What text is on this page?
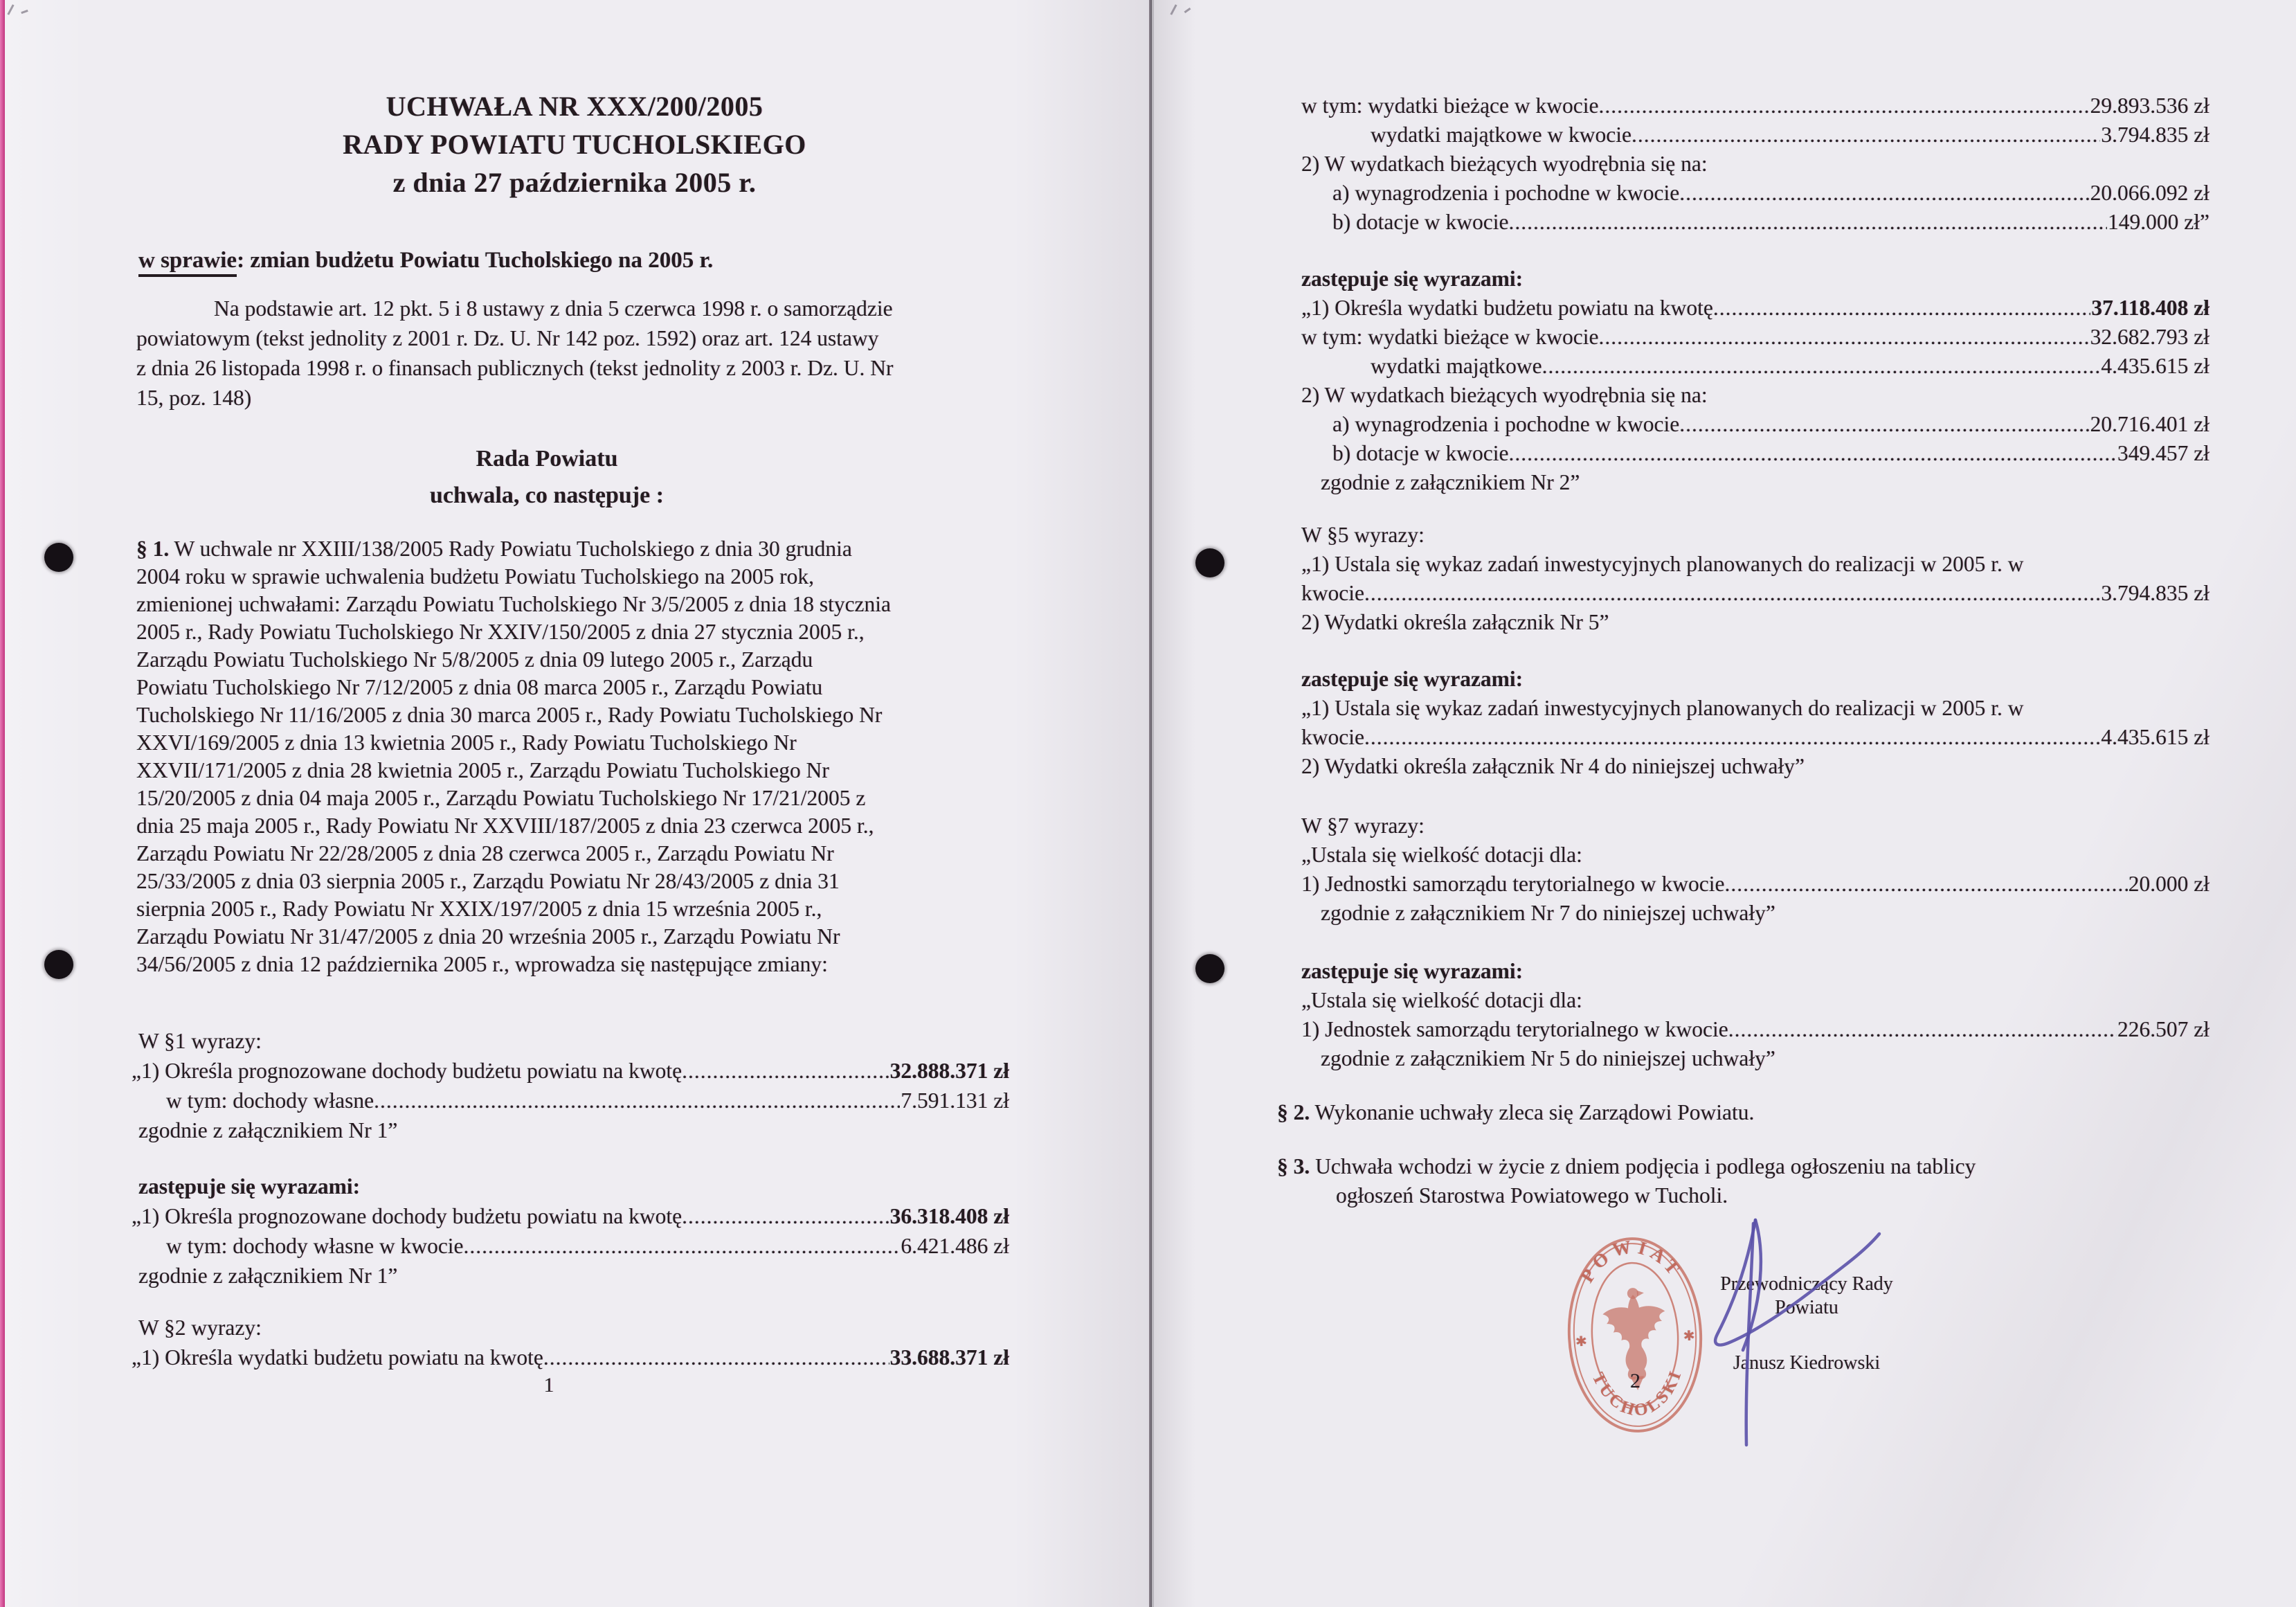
UCHWAŁA NR XXX/200/2005
RADY POWIATU TUCHOLSKIEGO
z dnia 27 października 2005 r.
w sprawie: zmian budżetu Powiatu Tucholskiego na 2005 r.
Na podstawie art. 12 pkt. 5 i 8 ustawy z dnia 5 czerwca 1998 r. o samorządzie
powiatowym (tekst jednolity z 2001 r. Dz. U. Nr 142 poz. 1592) oraz art. 124 ustawy
z dnia 26 listopada 1998 r. o finansach publicznych (tekst jednolity z 2003 r. Dz. U. Nr
15, poz. 148)
Rada Powiatu
uchwala, co następuje :
§ 1. W uchwale nr XXIII/138/2005 Rady Powiatu Tucholskiego z dnia 30 grudnia
2004 roku w sprawie uchwalenia budżetu Powiatu Tucholskiego na 2005 rok,
zmienionej uchwałami: Zarządu Powiatu Tucholskiego Nr 3/5/2005 z dnia 18 stycznia
2005 r., Rady Powiatu Tucholskiego Nr XXIV/150/2005 z dnia 27 stycznia 2005 r.,
Zarządu Powiatu Tucholskiego Nr 5/8/2005 z dnia 09 lutego 2005 r., Zarządu
Powiatu Tucholskiego Nr 7/12/2005 z dnia 08 marca 2005 r., Zarządu Powiatu
Tucholskiego Nr 11/16/2005 z dnia 30 marca 2005 r., Rady Powiatu Tucholskiego Nr
XXVI/169/2005 z dnia 13 kwietnia 2005 r., Rady Powiatu Tucholskiego Nr
XXVII/171/2005 z dnia 28 kwietnia 2005 r., Zarządu Powiatu Tucholskiego Nr
15/20/2005 z dnia 04 maja 2005 r., Zarządu Powiatu Tucholskiego Nr 17/21/2005 z
dnia 25 maja 2005 r., Rady Powiatu Nr XXVIII/187/2005 z dnia 23 czerwca 2005 r.,
Zarządu Powiatu Nr 22/28/2005 z dnia 28 czerwca 2005 r., Zarządu Powiatu Nr
25/33/2005 z dnia 03 sierpnia 2005 r., Zarządu Powiatu Nr 28/43/2005 z dnia 31
sierpnia 2005 r., Rady Powiatu Nr XXIX/197/2005 z dnia 15 września 2005 r.,
Zarządu Powiatu Nr 31/47/2005 z dnia 20 września 2005 r., Zarządu Powiatu Nr
34/56/2005 z dnia 12 października 2005 r., wprowadza się następujące zmiany:
W §1 wyrazy:
„1) Określa prognozowane dochody budżetu powiatu na kwotę .....	32.888.371 zł
w tym: dochody własne .....	7.591.131 zł
zgodnie z załącznikiem Nr 1”
zastępuje się wyrazami:
„1) Określa prognozowane dochody budżetu powiatu na kwotę .....	36.318.408 zł
w tym: dochody własne w kwocie .....	6.421.486 zł
zgodnie z załącznikiem Nr 1”
W §2 wyrazy:
„1) Określa wydatki budżetu powiatu na kwotę .....	33.688.371 zł
1
w tym: wydatki bieżące w kwocie .....	29.893.536 zł
wydatki majątkowe w kwocie .....	3.794.835 zł
2) W wydatkach bieżących wyodrębnia się na:
a) wynagrodzenia i pochodne w kwocie .....	20.066.092 zł
b) dotacje w kwocie .....	149.000 zł”
zastępuje się wyrazami:
„1) Określa wydatki budżetu powiatu na kwotę .....	37.118.408 zł
w tym: wydatki bieżące w kwocie .....	32.682.793 zł
wydatki majątkowe .....	4.435.615 zł
2) W wydatkach bieżących wyodrębnia się na:
a) wynagrodzenia i pochodne w kwocie .....	20.716.401 zł
b) dotacje w kwocie .....	349.457 zł
zgodnie z załącznikiem Nr 2”
W §5 wyrazy:
„1) Ustala się wykaz zadań inwestycyjnych planowanych do realizacji w 2005 r. w
kwocie .....	3.794.835 zł
2) Wydatki określa załącznik Nr 5”
zastępuje się wyrazami:
„1) Ustala się wykaz zadań inwestycyjnych planowanych do realizacji w 2005 r. w
kwocie .....	4.435.615 zł
2) Wydatki określa załącznik Nr 4 do niniejszej uchwały”
W §7 wyrazy:
„Ustala się wielkość dotacji dla:
1) Jednostki samorządu terytorialnego w kwocie .....	20.000 zł
zgodnie z załącznikiem Nr 7 do niniejszej uchwały”
zastępuje się wyrazami:
„Ustala się wielkość dotacji dla:
1) Jednostek samorządu terytorialnego w kwocie .....	226.507 zł
zgodnie z załącznikiem Nr 5 do niniejszej uchwały”
§ 2. Wykonanie uchwały zleca się Zarządowi Powiatu.
§ 3. Uchwała wchodzi w życie z dniem podjęcia i podlega ogłoszeniu na tablicy
ogłoszeń Starostwa Powiatowego w Tucholi.
POWIAT
TUCHOLSKI
✱	✱
2
Przewodniczący Rady Powiatu
Janusz Kiedrowski
